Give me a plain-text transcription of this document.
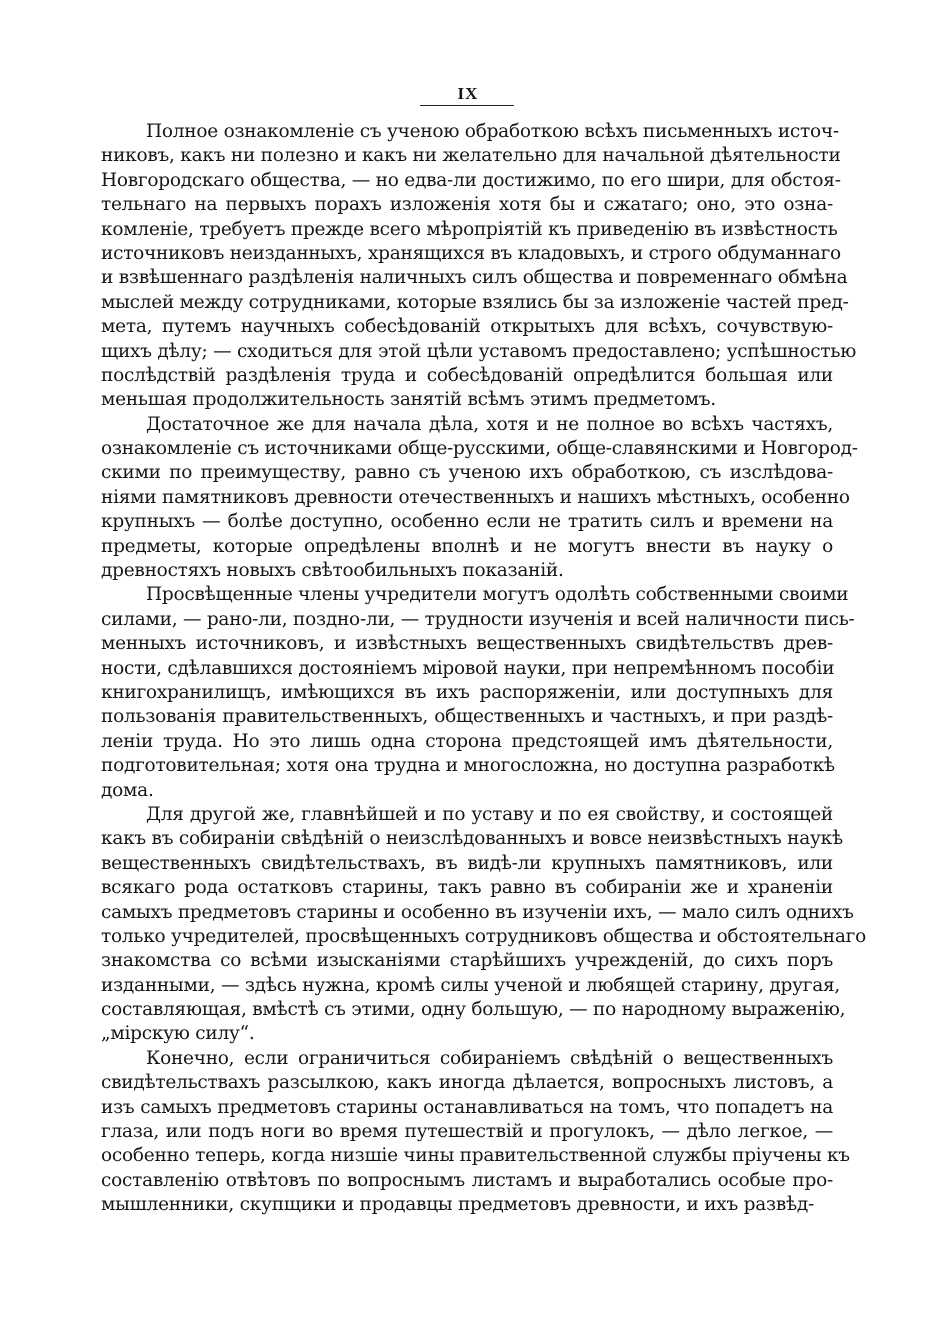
IX
Полное ознакомленіе съ ученою обработкою всѣхъ письменныхъ источ-
никовъ, какъ ни полезно и какъ ни желательно для начальной дѣятельности
Новгородскаго общества, — но едва-ли достижимо, по его шири, для обстоя-
тельнаго на первыхъ порахъ изложенія хотя бы и сжатаго; оно, это озна-
комленіе, требуетъ прежде всего мѣропріятій къ приведенію въ извѣстность
источниковъ неизданныхъ, хранящихся въ кладовыхъ, и строго обдуманнаго
и взвѣшеннаго раздѣленія наличныхъ силъ общества и повременнаго обмѣна
мыслей между сотрудниками, которые взялись бы за изложеніе частей пред-
мета, путемъ научныхъ собесѣдованій открытыхъ для всѣхъ, сочувствую-
щихъ дѣлу; — сходиться для этой цѣли уставомъ предоставлено; успѣшностью
послѣдствій раздѣленія труда и собесѣдованій опредѣлится большая или
меньшая продолжительность занятій всѣмъ этимъ предметомъ.
Достаточное же для начала дѣла, хотя и не полное во всѣхъ частяхъ,
ознакомленіе съ источниками обще-русскими, обще-славянскими и Новгород-
скими по преимуществу, равно съ ученою ихъ обработкою, съ изслѣдова-
ніями памятниковъ древности отечественныхъ и нашихъ мѣстныхъ, особенно
крупныхъ — болѣе доступно, особенно если не тратить силъ и времени на
предметы, которые опредѣлены вполнѣ и не могутъ внести въ науку о
древностяхъ новыхъ свѣтообильныхъ показаній.
Просвѣщенные члены учредители могутъ одолѣть собственными своими
силами, — рано-ли, поздно-ли, — трудности изученія и всей наличности пись-
менныхъ источниковъ, и извѣстныхъ вещественныхъ свидѣтельствъ древ-
ности, сдѣлавшихся достояніемъ міровой науки, при непремѣнномъ пособіи
книгохранилищъ, имѣющихся въ ихъ распоряженіи, или доступныхъ для
пользованія правительственныхъ, общественныхъ и частныхъ, и при раздѣ-
леніи труда. Но это лишь одна сторона предстоящей имъ дѣятельности,
подготовительная; хотя она трудна и многосложна, но доступна разработкѣ
дома.
Для другой же, главнѣйшей и по уставу и по ея свойству, и состоящей
какъ въ собираніи свѣдѣній о неизслѣдованныхъ и вовсе неизвѣстныхъ наукѣ
вещественныхъ свидѣтельствахъ, въ видѣ-ли крупныхъ памятниковъ, или
всякаго рода остатковъ старины, такъ равно въ собираніи же и храненіи
самыхъ предметовъ старины и особенно въ изученіи ихъ, — мало силъ однихъ
только учредителей, просвѣщенныхъ сотрудниковъ общества и обстоятельнаго
знакомства со всѣми изысканіями старѣйшихъ учрежденій, до сихъ поръ
изданными, — здѣсь нужна, кромѣ силы ученой и любящей старину, другая,
составляющая, вмѣстѣ съ этими, одну большую, — по народному выраженію,
„мірскую силу“.
Конечно, если ограничиться собираніемъ свѣдѣній о вещественныхъ
свидѣтельствахъ разсылкою, какъ иногда дѣлается, вопросныхъ листовъ, а
изъ самыхъ предметовъ старины останавливаться на томъ, что попадетъ на
глаза, или подъ ноги во время путешествій и прогулокъ, — дѣло легкое, —
особенно теперь, когда низшіе чины правительственной службы пріучены къ
составленію отвѣтовъ по вопроснымъ листамъ и выработались особые про-
мышленники, скупщики и продавцы предметовъ древности, и ихъ развѣд-
